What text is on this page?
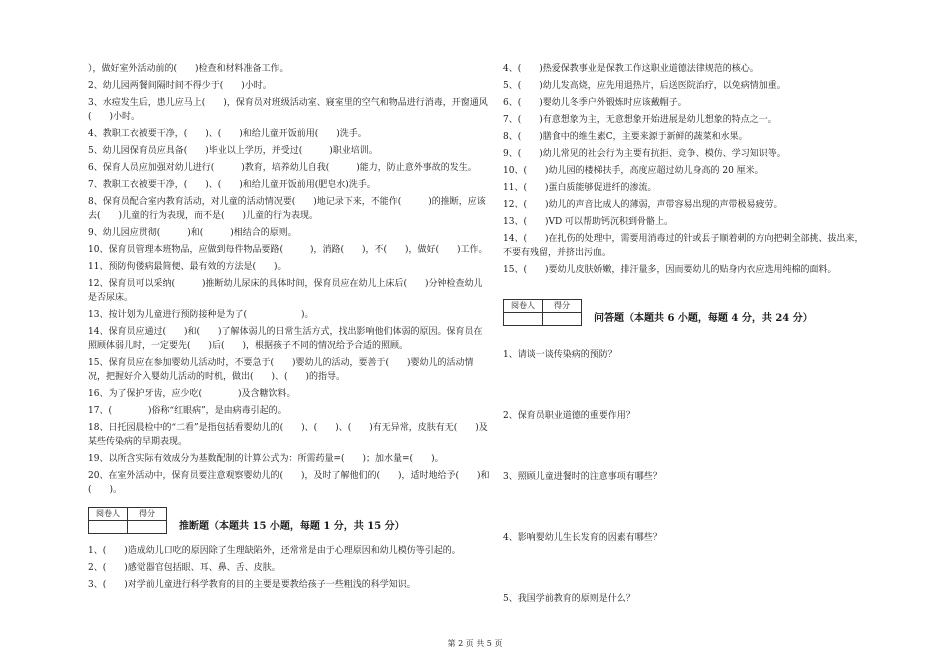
），做好室外活动前的(　　)检查和材料准备工作。
2、幼儿园两餐间隔时间不得少于(　　)小时。
3、水痘发生后，患儿应马上(　　)，保育员对班级活动室、寢室里的空气和物品进行消毒，开窗通风(　　)小时。
4、教职工衣被要干净，(　　)、(　　)和给儿童开饭前用(　　)洗手。
5、幼儿园保育员应具备(　　)毕业以上学历，并受过(　　　)职业培训。
6、保育人员应加强对幼儿进行(　　　)教育，培养幼儿自我(　　　)能力，防止意外事故的发生。
7、教职工衣被要干净，(　　)、(　　)和给儿童开饭前用(肥皂水)洗手。
8、保育员配合室内教育活动，对儿童的活动情况要(　　)地记录下来，不能作(　　　)的推断，应该去(　　)儿童的行为表现，而不是(　　)儿童的行为表现。
9、幼儿园应贯彻(　　　)和(　　　)相结合的原则。
10、保育员管理本班物品，应做到每件物品要路(　　　)，消路(　　)，不(　　)，做好(　　)工作。
11、预防佝偻病最简便、最有效的方法是(　　)。
12、保育员可以采纳(　　　)推断幼儿尿床的具体时间，保育员应在幼儿上床后(　　)分钟检查幼儿是否尿床。
13、按计划为儿童进行预防接种是为了(　　　　　　)。
14、保育员应通过(　　)和(　　)了解体弱儿的日常生活方式，找出影响他们体弱的原因。保育员在照顾体弱儿时，一定要先(　　)后(　　)，根据孩子不同的情况给予合适的照顾。
15、保育员应在参加婴幼儿活动时，不要急于(　　)婴幼儿的活动，要善于(　　)婴幼儿的活动情况，把握好介入婴幼儿活动的时机，做出(　　)、(　　)的指导。
16、为了保护牙齿，应少吃(　　　　)及含糖饮料。
17、(　　　　)俗称“红眼病”，是由病毒引起的。
18、日托园晨检中的“二看”是指包括看婴幼儿的(　　)、(　　)、(　　)有无异常，皮肤有无(　　)及某些传染病的早期表现。
19、以所含实际有效成分为基数配制的计算公式为：所需药量=(　　)；加水量=(　　)。
20、在室外活动中，保育员要注意观察婴幼儿的(　　)，及时了解他们的(　　)，适时地给予(　　)和(　　)。
阅卷人	得分

推断题（本题共 15 小题，每题 1 分，共 15 分）
1、(　　)造成幼儿口吃的原因除了生理缺陷外，还常常是由于心理原因和幼儿模仿等引起的。
2、(　　)感觉器官包括眼、耳、鼻、舌、皮肤。
3、(　　)对学前儿童进行科学教育的目的主要是要教给孩子一些粗浅的科学知识。
4、(　　)热爱保教事业是保教工作这职业道德法律规范的核心。
5、(　　)幼儿发高烧，应先用退热片，后送医院治疗，以免病情加重。
6、(　　)婴幼儿冬季户外锻炼时应该戴帽子。
7、(　　)有意想象为主，无意想象开始进展是幼儿想象的特点之一。
8、(　　)膳食中的维生素C，主要来源于新鲜的蔬菜和水果。
9、(　　)幼儿常见的社会行为主要有抗拒、竞争、模仿、学习知识等。
10、(　　)幼儿园的楼梯扶手，高度应超过幼儿身高的 20 厘米。
11、(　　)蛋白质能够促进纤的渗流。
12、(　　)幼儿的声音比成人的薄弱，声带容易出现的声带极易疲劳。
13、(　　)VD 可以帮助钙沉积到骨骼上。
14、(　　)在扎伤的处理中，需要用消毒过的针或镸子顺着刺的方向把刺全部挑、拔出来，不要有残留，并挤出污血。
15、(　　)要幼儿皮肤娇嫩，排汗量多，因而要幼儿的贴身内衣应选用纯棉的面料。
阅卷人	得分

问答题（本题共 6 小题，每题 4 分，共 24 分）
1、请谈一谈传染病的预防？
2、保育员职业道德的重要作用？
3、照顾儿童进餐时的注意事项有哪些？
4、影响婴幼儿生长发育的因素有哪些？
5、我国学前教育的原则是什么？
第 2 页 共 5 页
